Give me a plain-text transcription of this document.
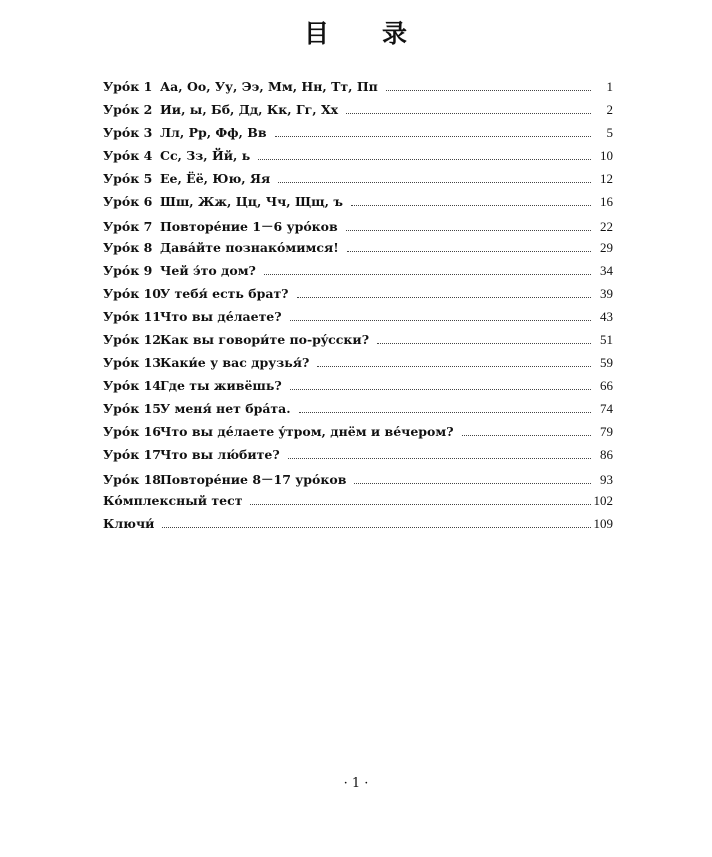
目 录
Урóк 1 Аа, Оо, Уу, Ээ, Мм, Нн, Тт, Пп	1
Урóк 2 Ии, ы, Бб, Дд, Кк, Гг, Хх	2
Урóк 3 Лл, Рр, Фф, Вв	5
Урóк 4 Сс, Зз, Йй, ь	10
Урóк 5 Ее, Ёё, Юю, Яя	12
Урóк 6 Шш, Жж, Цц, Чч, Щщ, ъ	16
Урóк 7 Повторéние 1－6 урóков	22
Урóк 8 Давáйте познакóмимся!	29
Урóк 9 Чей э́то дом?	34
Урóк 10 У тебя́ есть брат?	39
Урóк 11 Что вы дéлаете?	43
Урóк 12 Как вы говори́те по-рýсски?	51
Урóк 13 Каки́е у вас друзья́?	59
Урóк 14 Где ты живёшь?	66
Урóк 15 У меня́ нет брáта.	74
Урóк 16 Что вы дéлаете ýтром, днём и вéчером?	79
Урóк 17 Что вы лю́бите?	86
Урóк 18 Повторéние 8－17 урóков	93
Кóмплексный тест	102
Ключи́	109
· 1 ·
